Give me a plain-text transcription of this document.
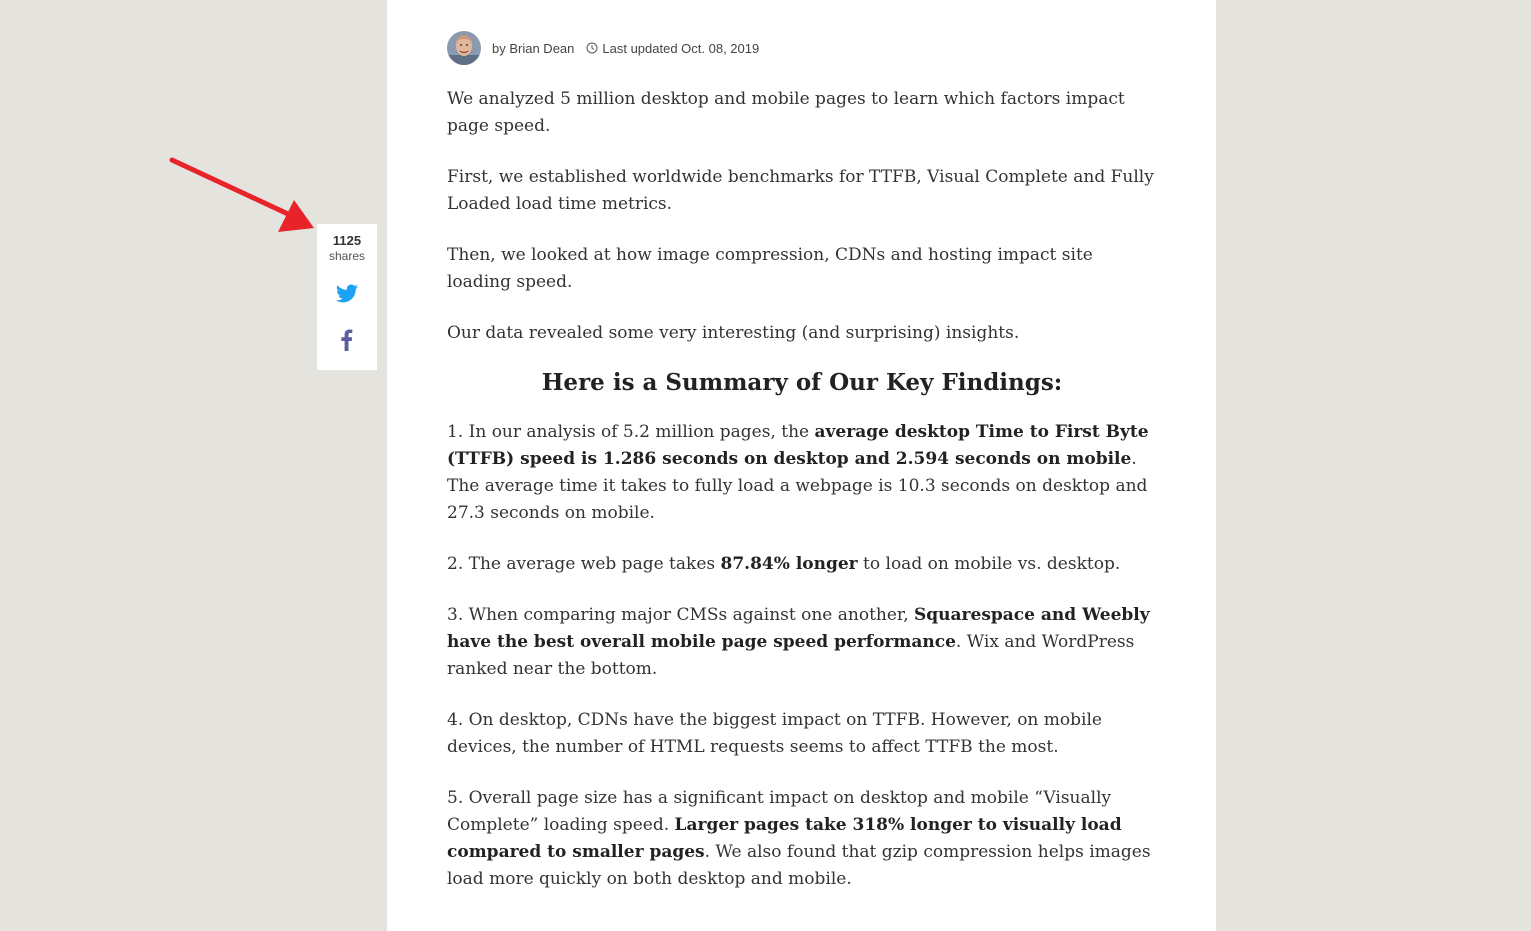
1125
shares
by Brian Dean Last updated Oct. 08, 2019

We analyzed 5 million desktop and mobile pages to learn which factors impact page speed.

First, we established worldwide benchmarks for TTFB, Visual Complete and Fully Loaded load time metrics.

Then, we looked at how image compression, CDNs and hosting impact site loading speed.

Our data revealed some very interesting (and surprising) insights.

Here is a Summary of Our Key Findings:

1. In our analysis of 5.2 million pages, the average desktop Time to First Byte (TTFB) speed is 1.286 seconds on desktop and 2.594 seconds on mobile. The average time it takes to fully load a webpage is 10.3 seconds on desktop and 27.3 seconds on mobile.

2. The average web page takes 87.84% longer to load on mobile vs. desktop.

3. When comparing major CMSs against one another, Squarespace and Weebly have the best overall mobile page speed performance. Wix and WordPress ranked near the bottom.

4. On desktop, CDNs have the biggest impact on TTFB. However, on mobile devices, the number of HTML requests seems to affect TTFB the most.

5. Overall page size has a significant impact on desktop and mobile “Visually Complete” loading speed. Larger pages take 318% longer to visually load compared to smaller pages. We also found that gzip compression helps images load more quickly on both desktop and mobile.
